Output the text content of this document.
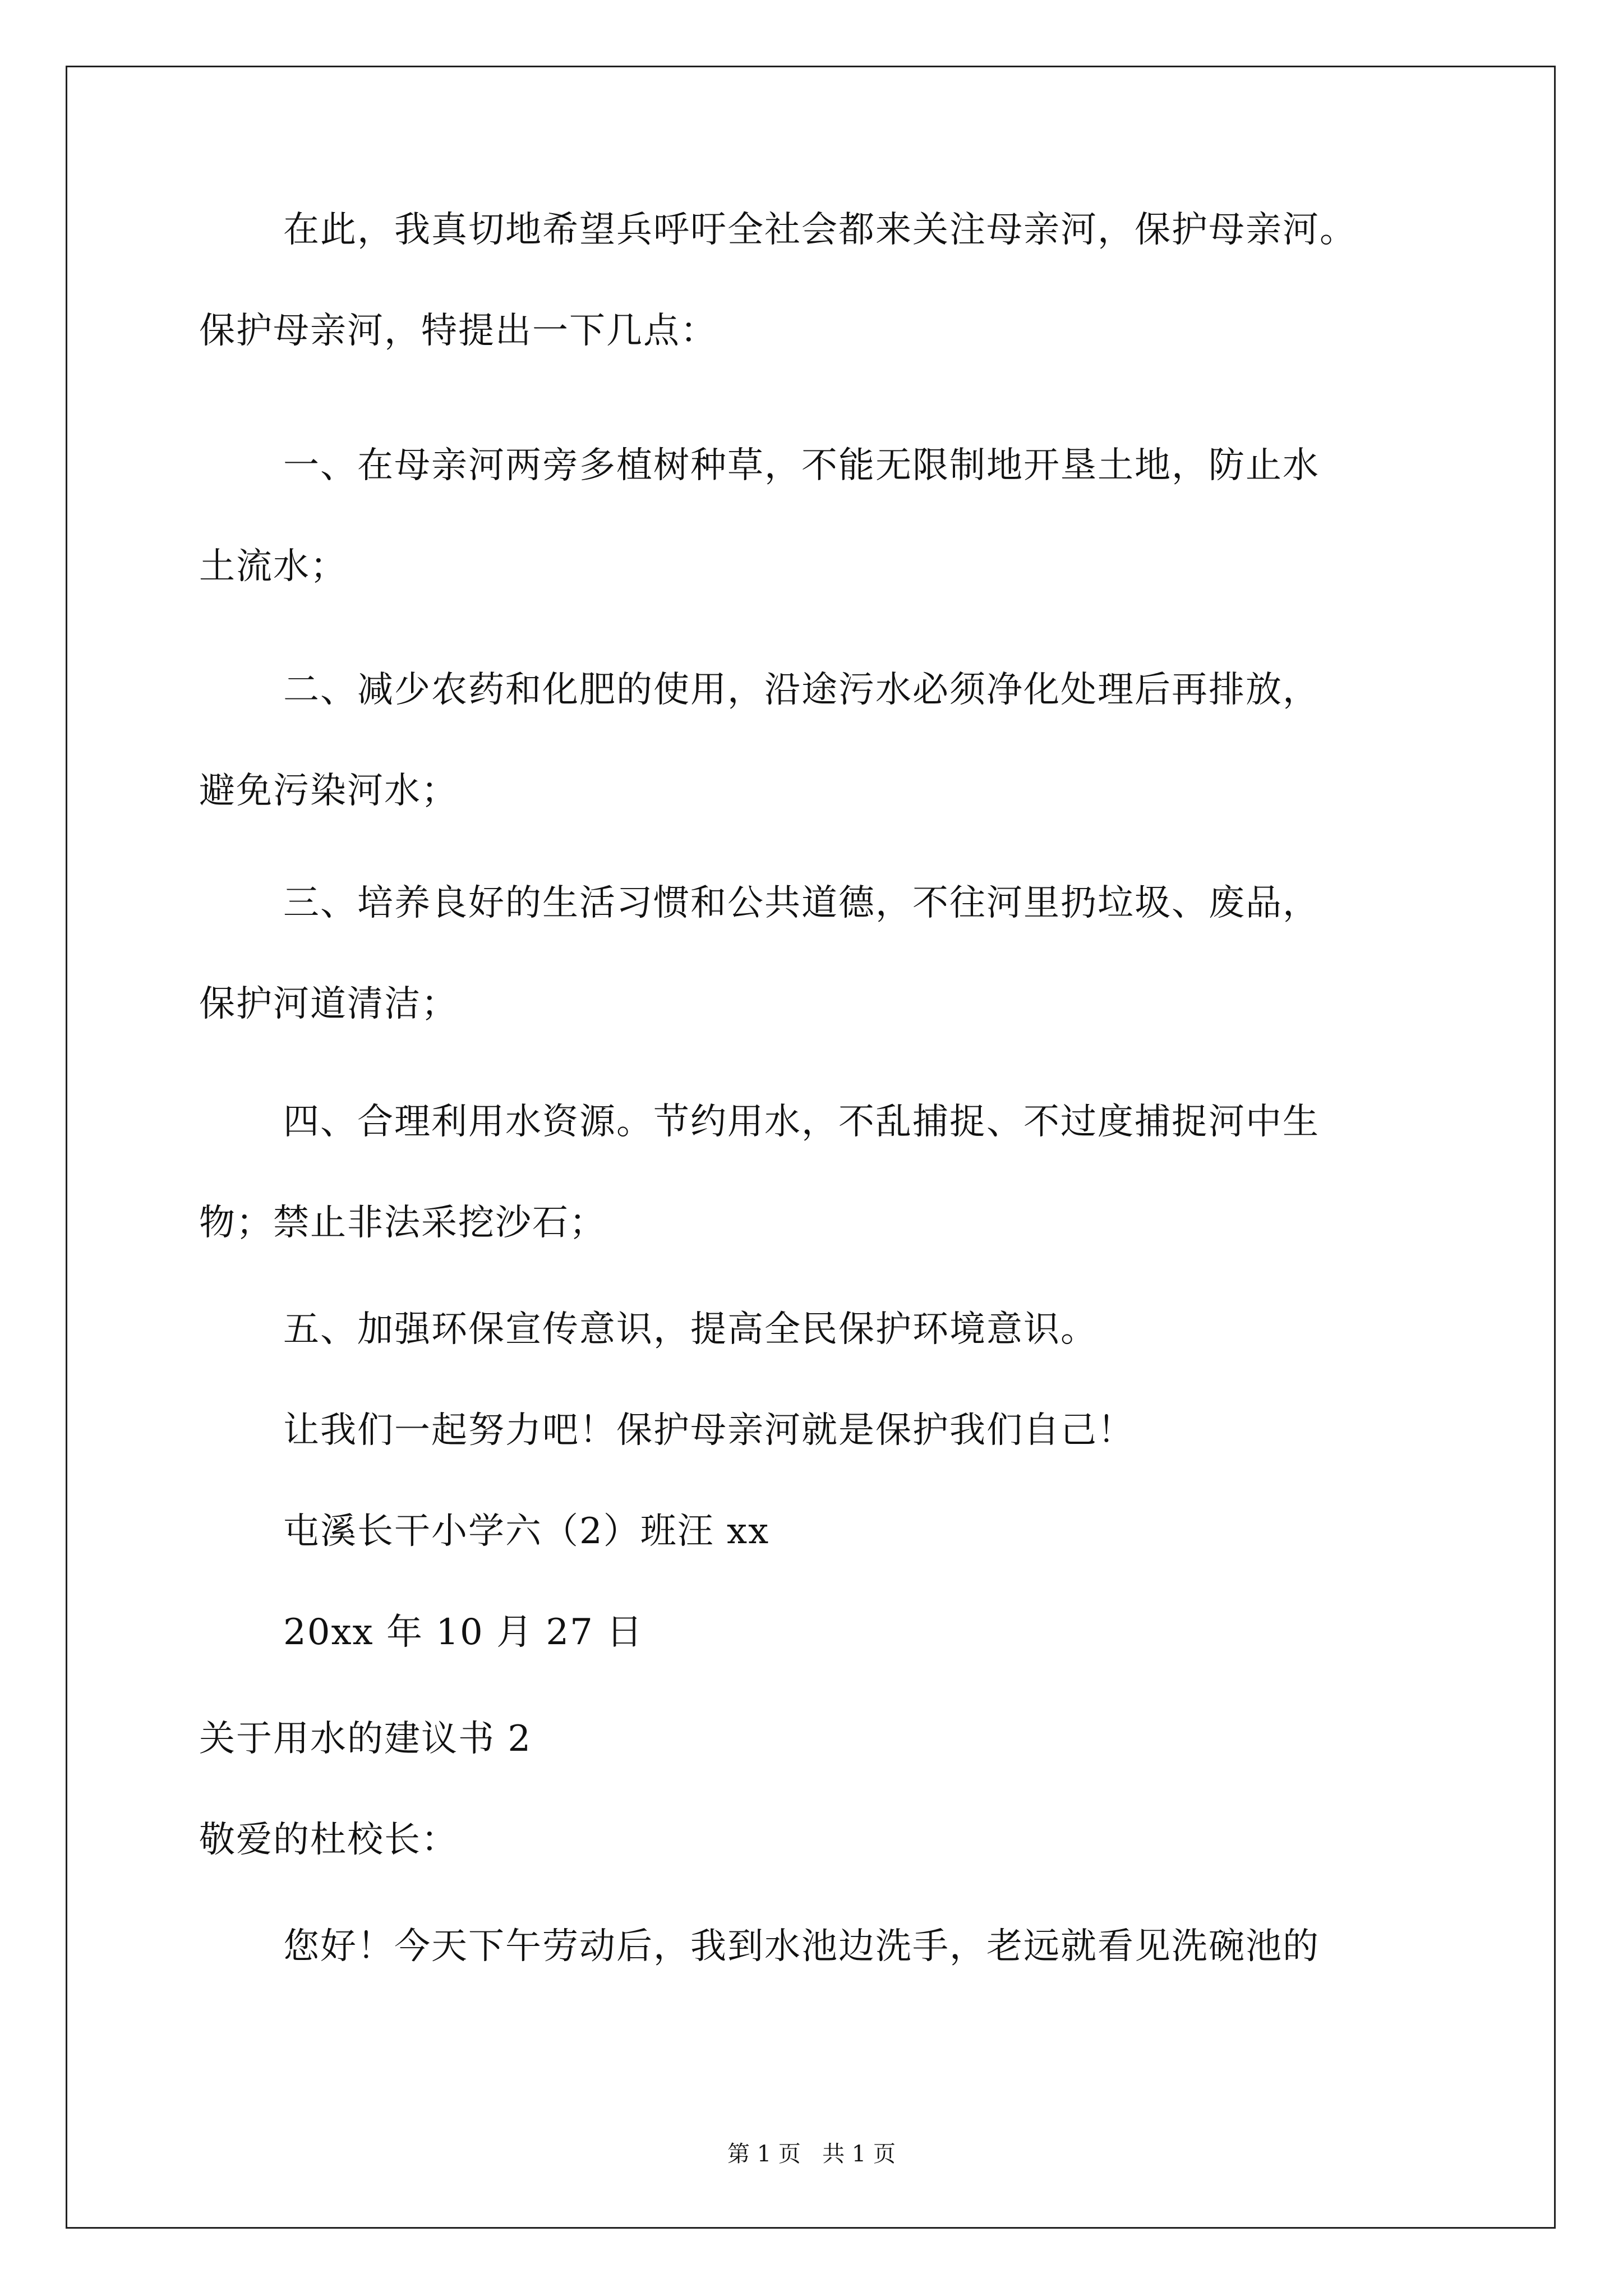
在此，我真切地希望兵呼吁全社会都来关注母亲河，保护母亲河。
保护母亲河，特提出一下几点：
一、在母亲河两旁多植树种草，不能无限制地开垦土地，防止水
土流水；
二、减少农药和化肥的使用，沿途污水必须净化处理后再排放，
避免污染河水；
三、培养良好的生活习惯和公共道德，不往河里扔垃圾、废品，
保护河道清洁；
四、合理利用水资源。节约用水，不乱捕捉、不过度捕捉河中生
物；禁止非法采挖沙石；
五、加强环保宣传意识，提高全民保护环境意识。
让我们一起努力吧！保护母亲河就是保护我们自己！
屯溪长干小学六（2）班汪 xx
20xx 年 10 月 27 日
关于用水的建议书 2
敬爱的杜校长：
您好！今天下午劳动后，我到水池边洗手，老远就看见洗碗池的
第 1 页   共 1 页
